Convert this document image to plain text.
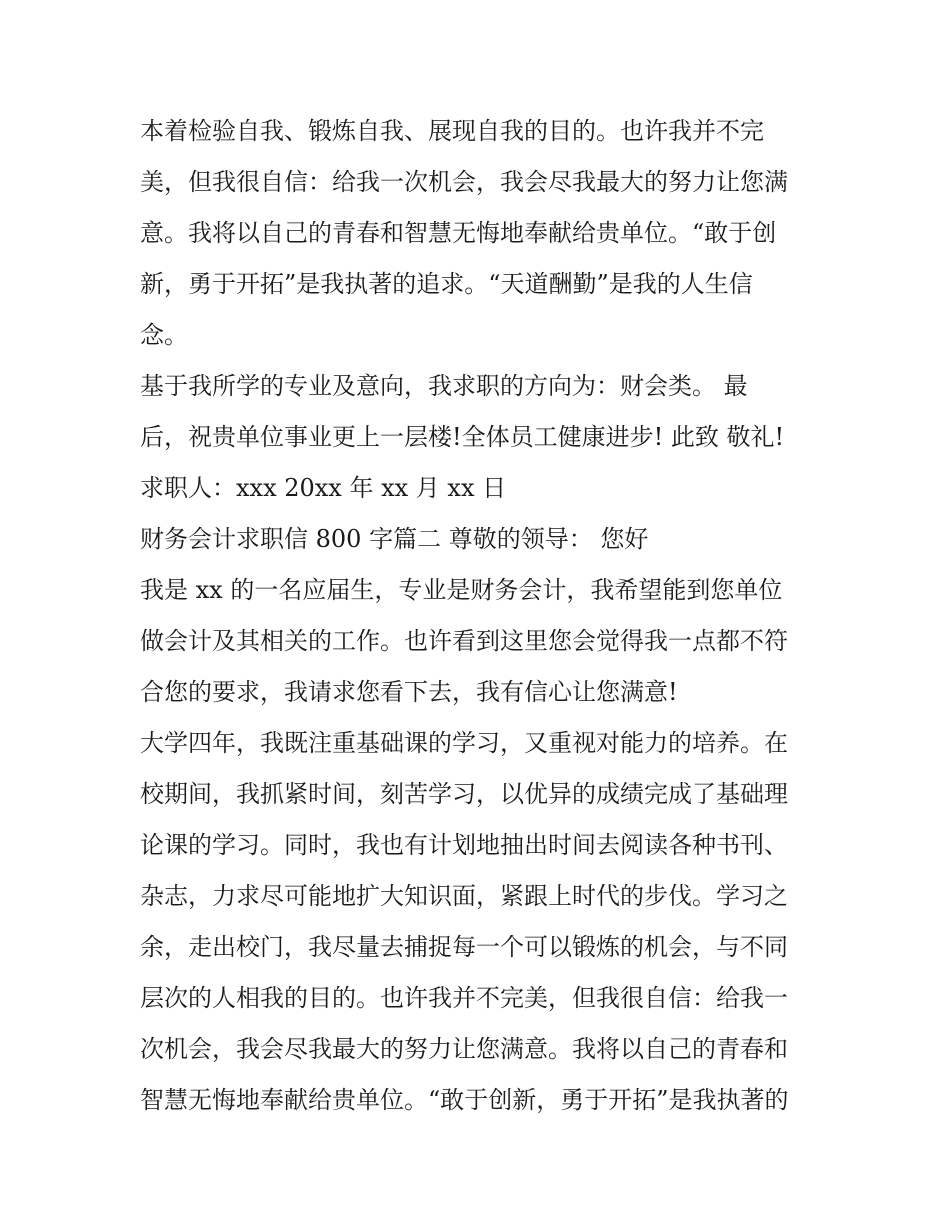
本着检验自我、锻炼自我、展现自我的目的。也许我并不完
美，但我很自信：给我一次机会，我会尽我最大的努力让您满
意。我将以自己的青春和智慧无悔地奉献给贵单位。“敢于创
新，勇于开拓”是我执著的追求。“天道酬勤”是我的人生信
念。
基于我所学的专业及意向，我求职的方向为：财会类。 最
后，祝贵单位事业更上一层楼!全体员工健康进步! 此致 敬礼!
求职人：xxx 20xx 年 xx 月 xx 日
财务会计求职信 800 字篇二 尊敬的领导： 您好
我是 xx 的一名应届生，专业是财务会计，我希望能到您单位
做会计及其相关的工作。也许看到这里您会觉得我一点都不符
合您的要求，我请求您看下去，我有信心让您满意!
大学四年，我既注重基础课的学习，又重视对能力的培养。在
校期间，我抓紧时间，刻苦学习，以优异的成绩完成了基础理
论课的学习。同时，我也有计划地抽出时间去阅读各种书刊、
杂志，力求尽可能地扩大知识面，紧跟上时代的步伐。学习之
余，走出校门，我尽量去捕捉每一个可以锻炼的机会，与不同
层次的人相我的目的。也许我并不完美，但我很自信：给我一
次机会，我会尽我最大的努力让您满意。我将以自己的青春和
智慧无悔地奉献给贵单位。“敢于创新，勇于开拓”是我执著的
